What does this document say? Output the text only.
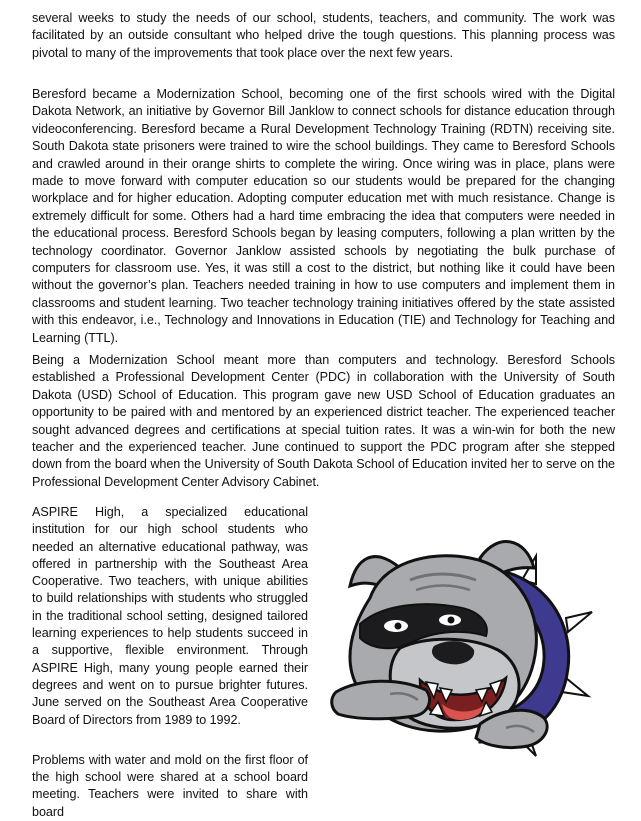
several weeks to study the needs of our school, students, teachers, and community. The work was facilitated by an outside consultant who helped drive the tough questions. This planning process was pivotal to many of the improvements that took place over the next few years.

Beresford became a Modernization School, becoming one of the first schools wired with the Digital Dakota Network, an initiative by Governor Bill Janklow to connect schools for distance education through videoconferencing. Beresford became a Rural Development Technology Training (RDTN) receiving site. South Dakota state prisoners were trained to wire the school buildings. They came to Beresford Schools and crawled around in their orange shirts to complete the wiring. Once wiring was in place, plans were made to move forward with computer education so our students would be prepared for the changing workplace and for higher education. Adopting computer education met with much resistance. Change is extremely difficult for some. Others had a hard time embracing the idea that computers were needed in the educational process. Beresford Schools began by leasing computers, following a plan written by the technology coordinator. Governor Janklow assisted schools by negotiating the bulk purchase of computers for classroom use. Yes, it was still a cost to the district, but nothing like it could have been without the governor’s plan. Teachers needed training in how to use computers and implement them in classrooms and student learning. Two teacher technology training initiatives offered by the state assisted with this endeavor, i.e., Technology and Innovations in Education (TIE) and Technology for Teaching and Learning (TTL).

Being a Modernization School meant more than computers and technology. Beresford Schools established a Professional Development Center (PDC) in collaboration with the University of South Dakota (USD) School of Education. This program gave new USD School of Education graduates an opportunity to be paired with and mentored by an experienced district teacher. The experienced teacher sought advanced degrees and certifications at special tuition rates. It was a win-win for both the new teacher and the experienced teacher. June continued to support the PDC program after she stepped down from the board when the University of South Dakota School of Education invited her to serve on the Professional Development Center Advisory Cabinet.

ASPIRE High, a specialized educational institution for our high school students who needed an alternative educational pathway, was offered in partnership with the Southeast Area Cooperative. Two teachers, with unique abilities to build relationships with students who struggled in the traditional school setting, designed tailored learning experiences to help students succeed in a supportive, flexible environment. Through ASPIRE High, many young people earned their degrees and went on to pursue brighter futures. June served on the Southeast Area Cooperative Board of Directors from 1989 to 1992.

Problems with water and mold on the first floor of the high school were shared at a school board meeting. Teachers were invited to share with board
